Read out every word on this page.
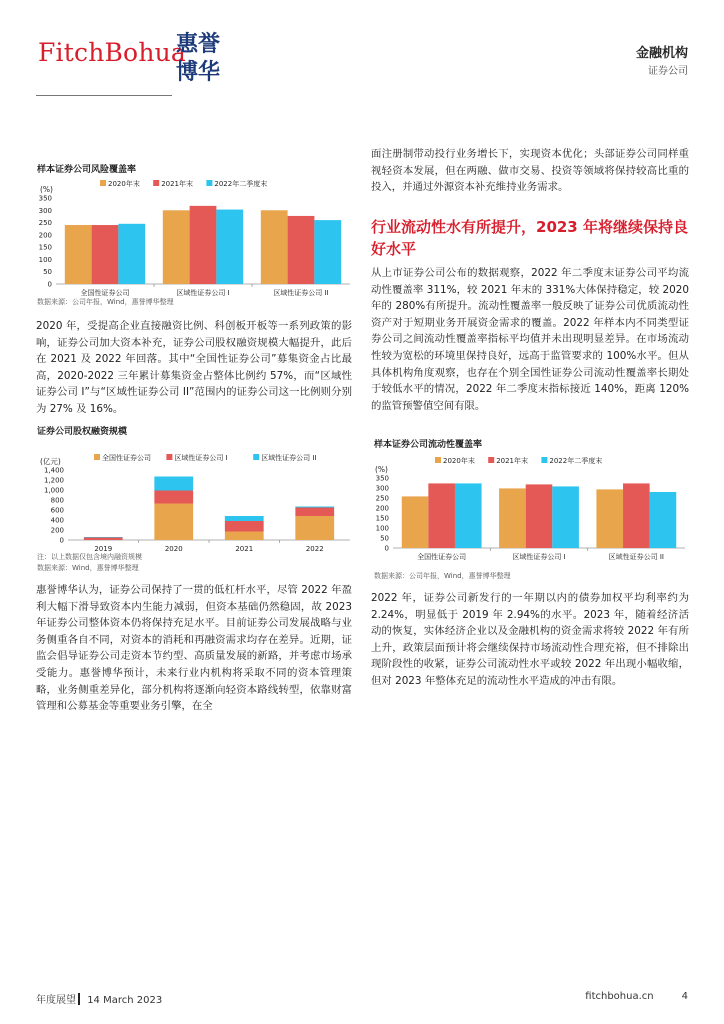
FitchBohua
惠誉
博华
金融机构
证券公司
样本证券公司风险覆盖率
(%)
2020年末	2021年末	2022年二季度末
0
50
100
150
200
250
300
350
全国性证券公司	区域性证券公司 I	区域性证券公司 II
数据来源：公司年报，Wind，惠誉博华整理
2020 年，受提高企业直接融资比例、科创板开板等一系列政策的影响，证券公司加大资本补充，证券公司股权融资规模大幅提升，此后在 2021 及 2022 年回落。其中“全国性证券公司”募集资金占比最高，2020-2022 三年累计募集资金占整体比例约 57%，而“区域性证券公司 I”与“区域性证券公司 II”范围内的证券公司这一比例则分别为 27% 及 16%。
证券公司股权融资规模
(亿元)	全国性证券公司	区域性证券公司 I	区域性证券公司 II
0
200
400
600
800
1,000
1,200
1,400
2019	2020	2021	2022
注：以上数据仅包含境内融资规模
数据来源：Wind，惠誉博华整理
惠誉博华认为，证券公司保持了一贯的低杠杆水平，尽管 2022 年盈利大幅下滑导致资本内生能力减弱，但资本基础仍然稳固，故 2023 年证券公司整体资本仍将保持充足水平。目前证券公司发展战略与业务侧重各自不同，对资本的消耗和再融资需求均存在差异。近期，证监会倡导证券公司走资本节约型、高质量发展的新路，并考虑市场承受能力。惠誉博华预计，未来行业内机构将采取不同的资本管理策略，业务侧重差异化，部分机构将逐渐向轻资本路线转型，依靠财富管理和公募基金等重要业务引擎，在全
面注册制带动投行业务增长下，实现资本优化；头部证券公司同样重视轻资本发展，但在两融、做市交易、投资等领域将保持较高比重的投入，并通过外源资本补充维持业务需求。
行业流动性水有所提升，2023 年将继续保持良好水平
从上市证券公司公布的数据观察，2022 年二季度末证券公司平均流动性覆盖率 311%，较 2021 年末的 331%大体保持稳定，较 2020 年的 280%有所提升。流动性覆盖率一般反映了证券公司优质流动性资产对于短期业务开展资金需求的覆盖。2022 年样本内不同类型证券公司之间流动性覆盖率指标平均值并未出现明显差异。在市场流动性较为宽松的环境里保持良好，远高于监管要求的 100%水平。但从具体机构角度观察，也存在个别全国性证券公司流动性覆盖率长期处于较低水平的情况，2022 年二季度末指标接近 140%，距离 120%的监管预警值空间有限。
样本证券公司流动性覆盖率
(%)
2020年末	2021年末	2022年二季度末
0
50
100
150
200
250
300
350
全国性证券公司	区域性证券公司 I	区域性证券公司 II
数据来源：公司年报，Wind，惠誉博华整理
2022 年，证券公司新发行的一年期以内的债券加权平均利率约为 2.24%，明显低于 2019 年 2.94%的水平。2023 年，随着经济活动的恢复，实体经济企业以及金融机构的资金需求将较 2022 年有所上升，政策层面预计将会继续保持市场流动性合理充裕，但不排除出现阶段性的收紧，证券公司流动性水平或较 2022 年出现小幅收缩，但对 2023 年整体充足的流动性水平造成的冲击有限。
年度展望 14 March 2023	fitchbohua.cn	4
